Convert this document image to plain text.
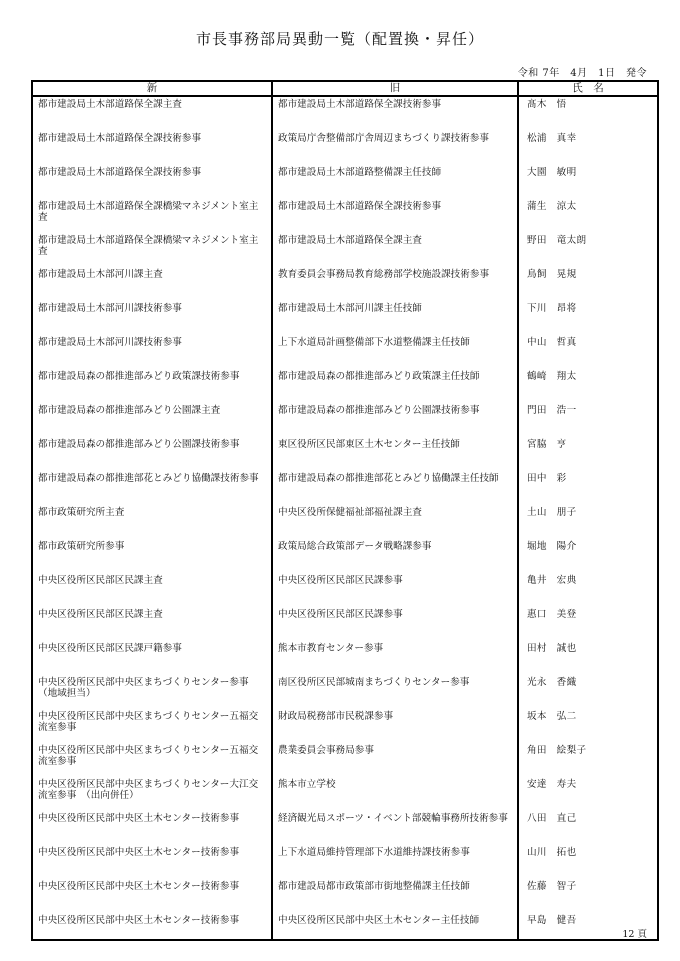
市長事務部局異動一覧（配置換・昇任）
令和 7年　4月　1日　発令
新	旧	氏　名
都市建設局土木部道路保全課主査	都市建設局土木部道路保全課技術参事	髙木　悟
都市建設局土木部道路保全課技術参事	政策局庁舎整備部庁舎周辺まちづくり課技術参事	松浦　真幸
都市建設局土木部道路保全課技術参事	都市建設局土木部道路整備課主任技師	大園　敏明
都市建設局土木部道路保全課橋梁マネジメント室主査	都市建設局土木部道路保全課技術参事	蒲生　涼太
都市建設局土木部道路保全課橋梁マネジメント室主査	都市建設局土木部道路保全課主査	野田　竜太朗
都市建設局土木部河川課主査	教育委員会事務局教育総務部学校施設課技術参事	鳥飼　晃規
都市建設局土木部河川課技術参事	都市建設局土木部河川課主任技師	下川　昂将
都市建設局土木部河川課技術参事	上下水道局計画整備部下水道整備課主任技師	中山　哲真
都市建設局森の都推進部みどり政策課技術参事	都市建設局森の都推進部みどり政策課主任技師	鶴崎　翔太
都市建設局森の都推進部みどり公園課主査	都市建設局森の都推進部みどり公園課技術参事	門田　浩一
都市建設局森の都推進部みどり公園課技術参事	東区役所区民部東区土木センター主任技師	宮脇　亨
都市建設局森の都推進部花とみどり協働課技術参事	都市建設局森の都推進部花とみどり協働課主任技師	田中　彩
都市政策研究所主査	中央区役所保健福祉部福祉課主査	土山　朋子
都市政策研究所参事	政策局総合政策部データ戦略課参事	堀地　陽介
中央区役所区民部区民課主査	中央区役所区民部区民課参事	亀井　宏典
中央区役所区民部区民課主査	中央区役所区民部区民課参事	惠口　美登
中央区役所区民部区民課戸籍参事	熊本市教育センター参事	田村　誠也
中央区役所区民部中央区まちづくりセンター参事　（地域担当）	南区役所区民部城南まちづくりセンター参事	光永　香織
中央区役所区民部中央区まちづくりセンター五福交流室参事	財政局税務部市民税課参事	坂本　弘二
中央区役所区民部中央区まちづくりセンター五福交流室参事	農業委員会事務局参事	角田　絵梨子
中央区役所区民部中央区まちづくりセンター大江交流室参事　（出向併任）	熊本市立学校	安達　寿夫
中央区役所区民部中央区土木センター技術参事	経済観光局スポーツ・イベント部競輪事務所技術参事	八田　直己
中央区役所区民部中央区土木センター技術参事	上下水道局維持管理部下水道維持課技術参事	山川　拓也
中央区役所区民部中央区土木センター技術参事	都市建設局都市政策部市街地整備課主任技師	佐藤　智子
中央区役所区民部中央区土木センター技術参事	中央区役所区民部中央区土木センター主任技師	早島　健吾
12 頁
